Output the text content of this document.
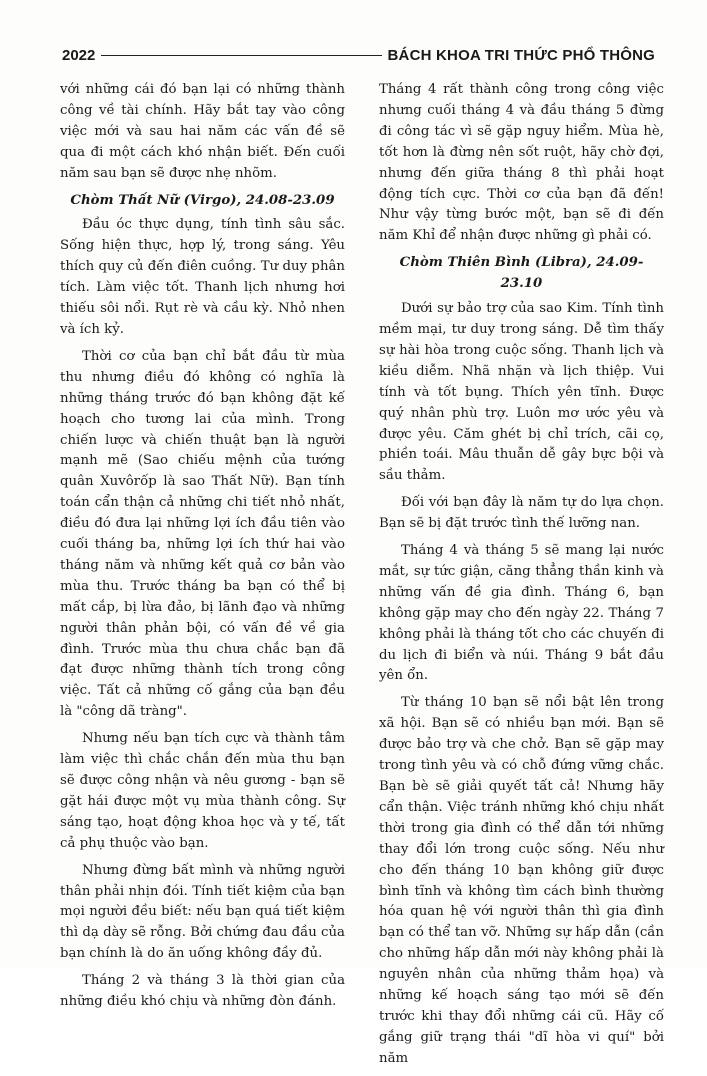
2022	BÁCH KHOA TRI THỨC PHỔ THÔNG

với những cái đó bạn lại có những thành công về tài chính. Hãy bắt tay vào công việc mới và sau hai năm các vấn đề sẽ qua đi một cách khó nhận biết. Đến cuối năm sau bạn sẽ được nhẹ nhõm.

Chòm Thất Nữ (Virgo), 24.08-23.09

Đầu óc thực dụng, tính tình sâu sắc. Sống hiện thực, hợp lý, trong sáng. Yêu thích quy củ đến điên cuồng. Tư duy phân tích. Làm việc tốt. Thanh lịch nhưng hơi thiếu sôi nổi. Rụt rè và cầu kỳ. Nhỏ nhen và ích kỷ.

Thời cơ của bạn chỉ bắt đầu từ mùa thu nhưng điều đó không có nghĩa là những tháng trước đó bạn không đặt kế hoạch cho tương lai của mình. Trong chiến lược và chiến thuật bạn là người mạnh mẽ (Sao chiếu mệnh của tướng quân Xuvôrốp là sao Thất Nữ). Bạn tính toán cẩn thận cả những chi tiết nhỏ nhất, điều đó đưa lại những lợi ích đầu tiên vào cuối tháng ba, những lợi ích thứ hai vào tháng năm và những kết quả cơ bản vào mùa thu. Trước tháng ba bạn có thể bị mất cắp, bị lừa đảo, bị lãnh đạo và những người thân phản bội, có vấn đề về gia đình. Trước mùa thu chưa chắc bạn đã đạt được những thành tích trong công việc. Tất cả những cố gắng của bạn đều là "công dã tràng".

Nhưng nếu bạn tích cực và thành tâm làm việc thì chắc chắn đến mùa thu bạn sẽ được công nhận và nêu gương - bạn sẽ gặt hái được một vụ mùa thành công. Sự sáng tạo, hoạt động khoa học và y tế, tất cả phụ thuộc vào bạn.

Nhưng đừng bất mình và những người thân phải nhịn đói. Tính tiết kiệm của bạn mọi người đều biết: nếu bạn quá tiết kiệm thì dạ dày sẽ rỗng. Bởi chứng đau đầu của bạn chính là do ăn uống không đầy đủ.

Tháng 2 và tháng 3 là thời gian của những điều khó chịu và những đòn đánh.

Tháng 4 rất thành công trong công việc nhưng cuối tháng 4 và đầu tháng 5 đừng đi công tác vì sẽ gặp nguy hiểm. Mùa hè, tốt hơn là đừng nên sốt ruột, hãy chờ đợi, nhưng đến giữa tháng 8 thì phải hoạt động tích cực. Thời cơ của bạn đã đến! Như vậy từng bước một, bạn sẽ đi đến năm Khỉ để nhận được những gì phải có.

Chòm Thiên Bình (Libra), 24.09-23.10

Dưới sự bảo trợ của sao Kim. Tính tình mềm mại, tư duy trong sáng. Dễ tìm thấy sự hài hòa trong cuộc sống. Thanh lịch và kiều diễm. Nhã nhặn và lịch thiệp. Vui tính và tốt bụng. Thích yên tĩnh. Được quý nhân phù trợ. Luôn mơ ước yêu và được yêu. Căm ghét bị chỉ trích, cãi cọ, phiền toái. Mâu thuẫn dễ gây bực bội và sầu thảm.

Đối với bạn đây là năm tự do lựa chọn. Bạn sẽ bị đặt trước tình thế lưỡng nan.

Tháng 4 và tháng 5 sẽ mang lại nước mắt, sự tức giận, căng thẳng thần kinh và những vấn đề gia đình. Tháng 6, bạn không gặp may cho đến ngày 22. Tháng 7 không phải là tháng tốt cho các chuyến đi du lịch đi biển và núi. Tháng 9 bắt đầu yên ổn.

Từ tháng 10 bạn sẽ nổi bật lên trong xã hội. Bạn sẽ có nhiều bạn mới. Bạn sẽ được bảo trợ và che chở. Bạn sẽ gặp may trong tình yêu và có chỗ đứng vững chắc. Bạn bè sẽ giải quyết tất cả! Nhưng hãy cẩn thận. Việc tránh những khó chịu nhất thời trong gia đình có thể dẫn tới những thay đổi lớn trong cuộc sống. Nếu như cho đến tháng 10 bạn không giữ được bình tĩnh và không tìm cách bình thường hóa quan hệ với người thân thì gia đình bạn có thể tan vỡ. Những sự hấp dẫn (cần cho những hấp dẫn mới này không phải là nguyên nhân của những thảm họa) và những kế hoạch sáng tạo mới sẽ đến trước khi thay đổi những cái cũ. Hãy cố gắng giữ trạng thái "dĩ hòa vi quí" bởi năm
